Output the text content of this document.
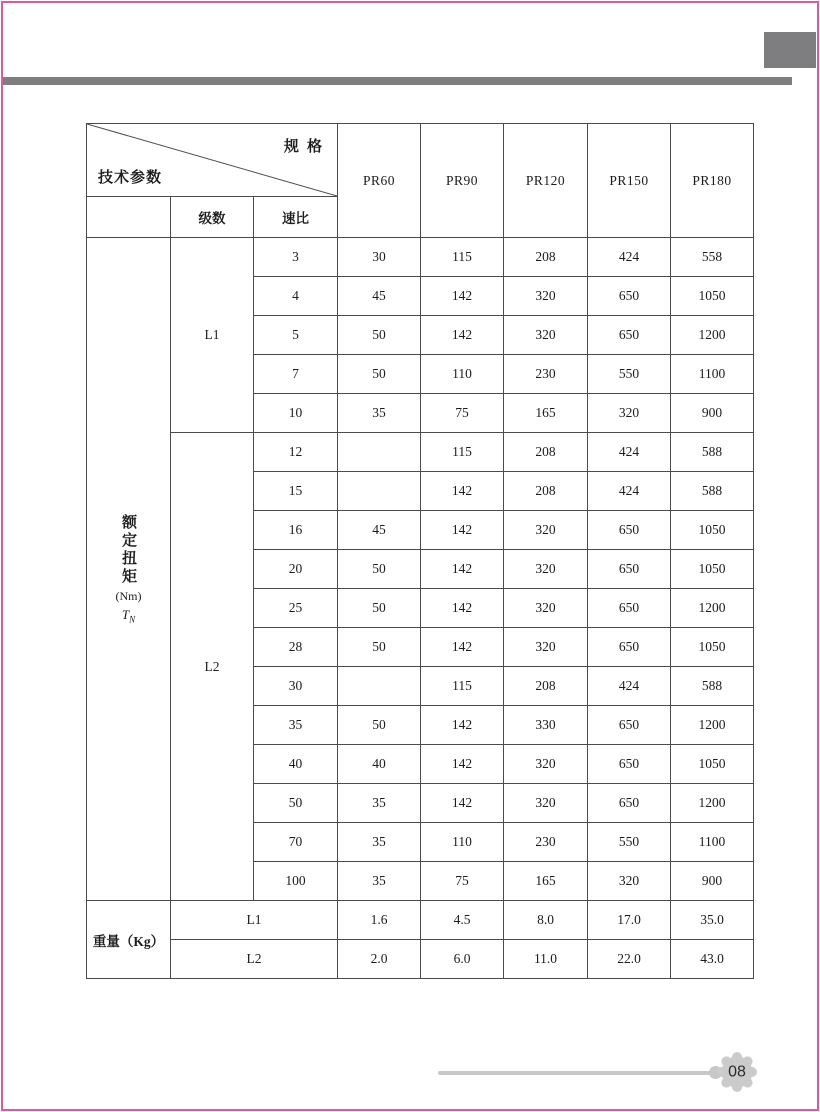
技术参数
规 格			PR60	PR90	PR120	PR150	PR180
	级数	速比					

额定扭矩
(Nm)
$T_N$	L1	3	30	115	208	424	558
		4	45	142	320	650	1050
		5	50	142	320	650	1200
		7	50	110	230	550	1100
		10	35	75	165	320	900
	L2	12		115	208	424	588
		15		142	208	424	588
		16	45	142	320	650	1050
		20	50	142	320	650	1050
		25	50	142	320	650	1200
		28	50	142	320	650	1050
		30		115	208	424	588
		35	50	142	330	650	1200
		40	40	142	320	650	1050
		50	35	142	320	650	1200
		70	35	110	230	550	1100
		100	35	75	165	320	900
重量（Kg）	L1		1.6	4.5	8.0	17.0	35.0
	L2		2.0	6.0	11.0	22.0	43.0
08
